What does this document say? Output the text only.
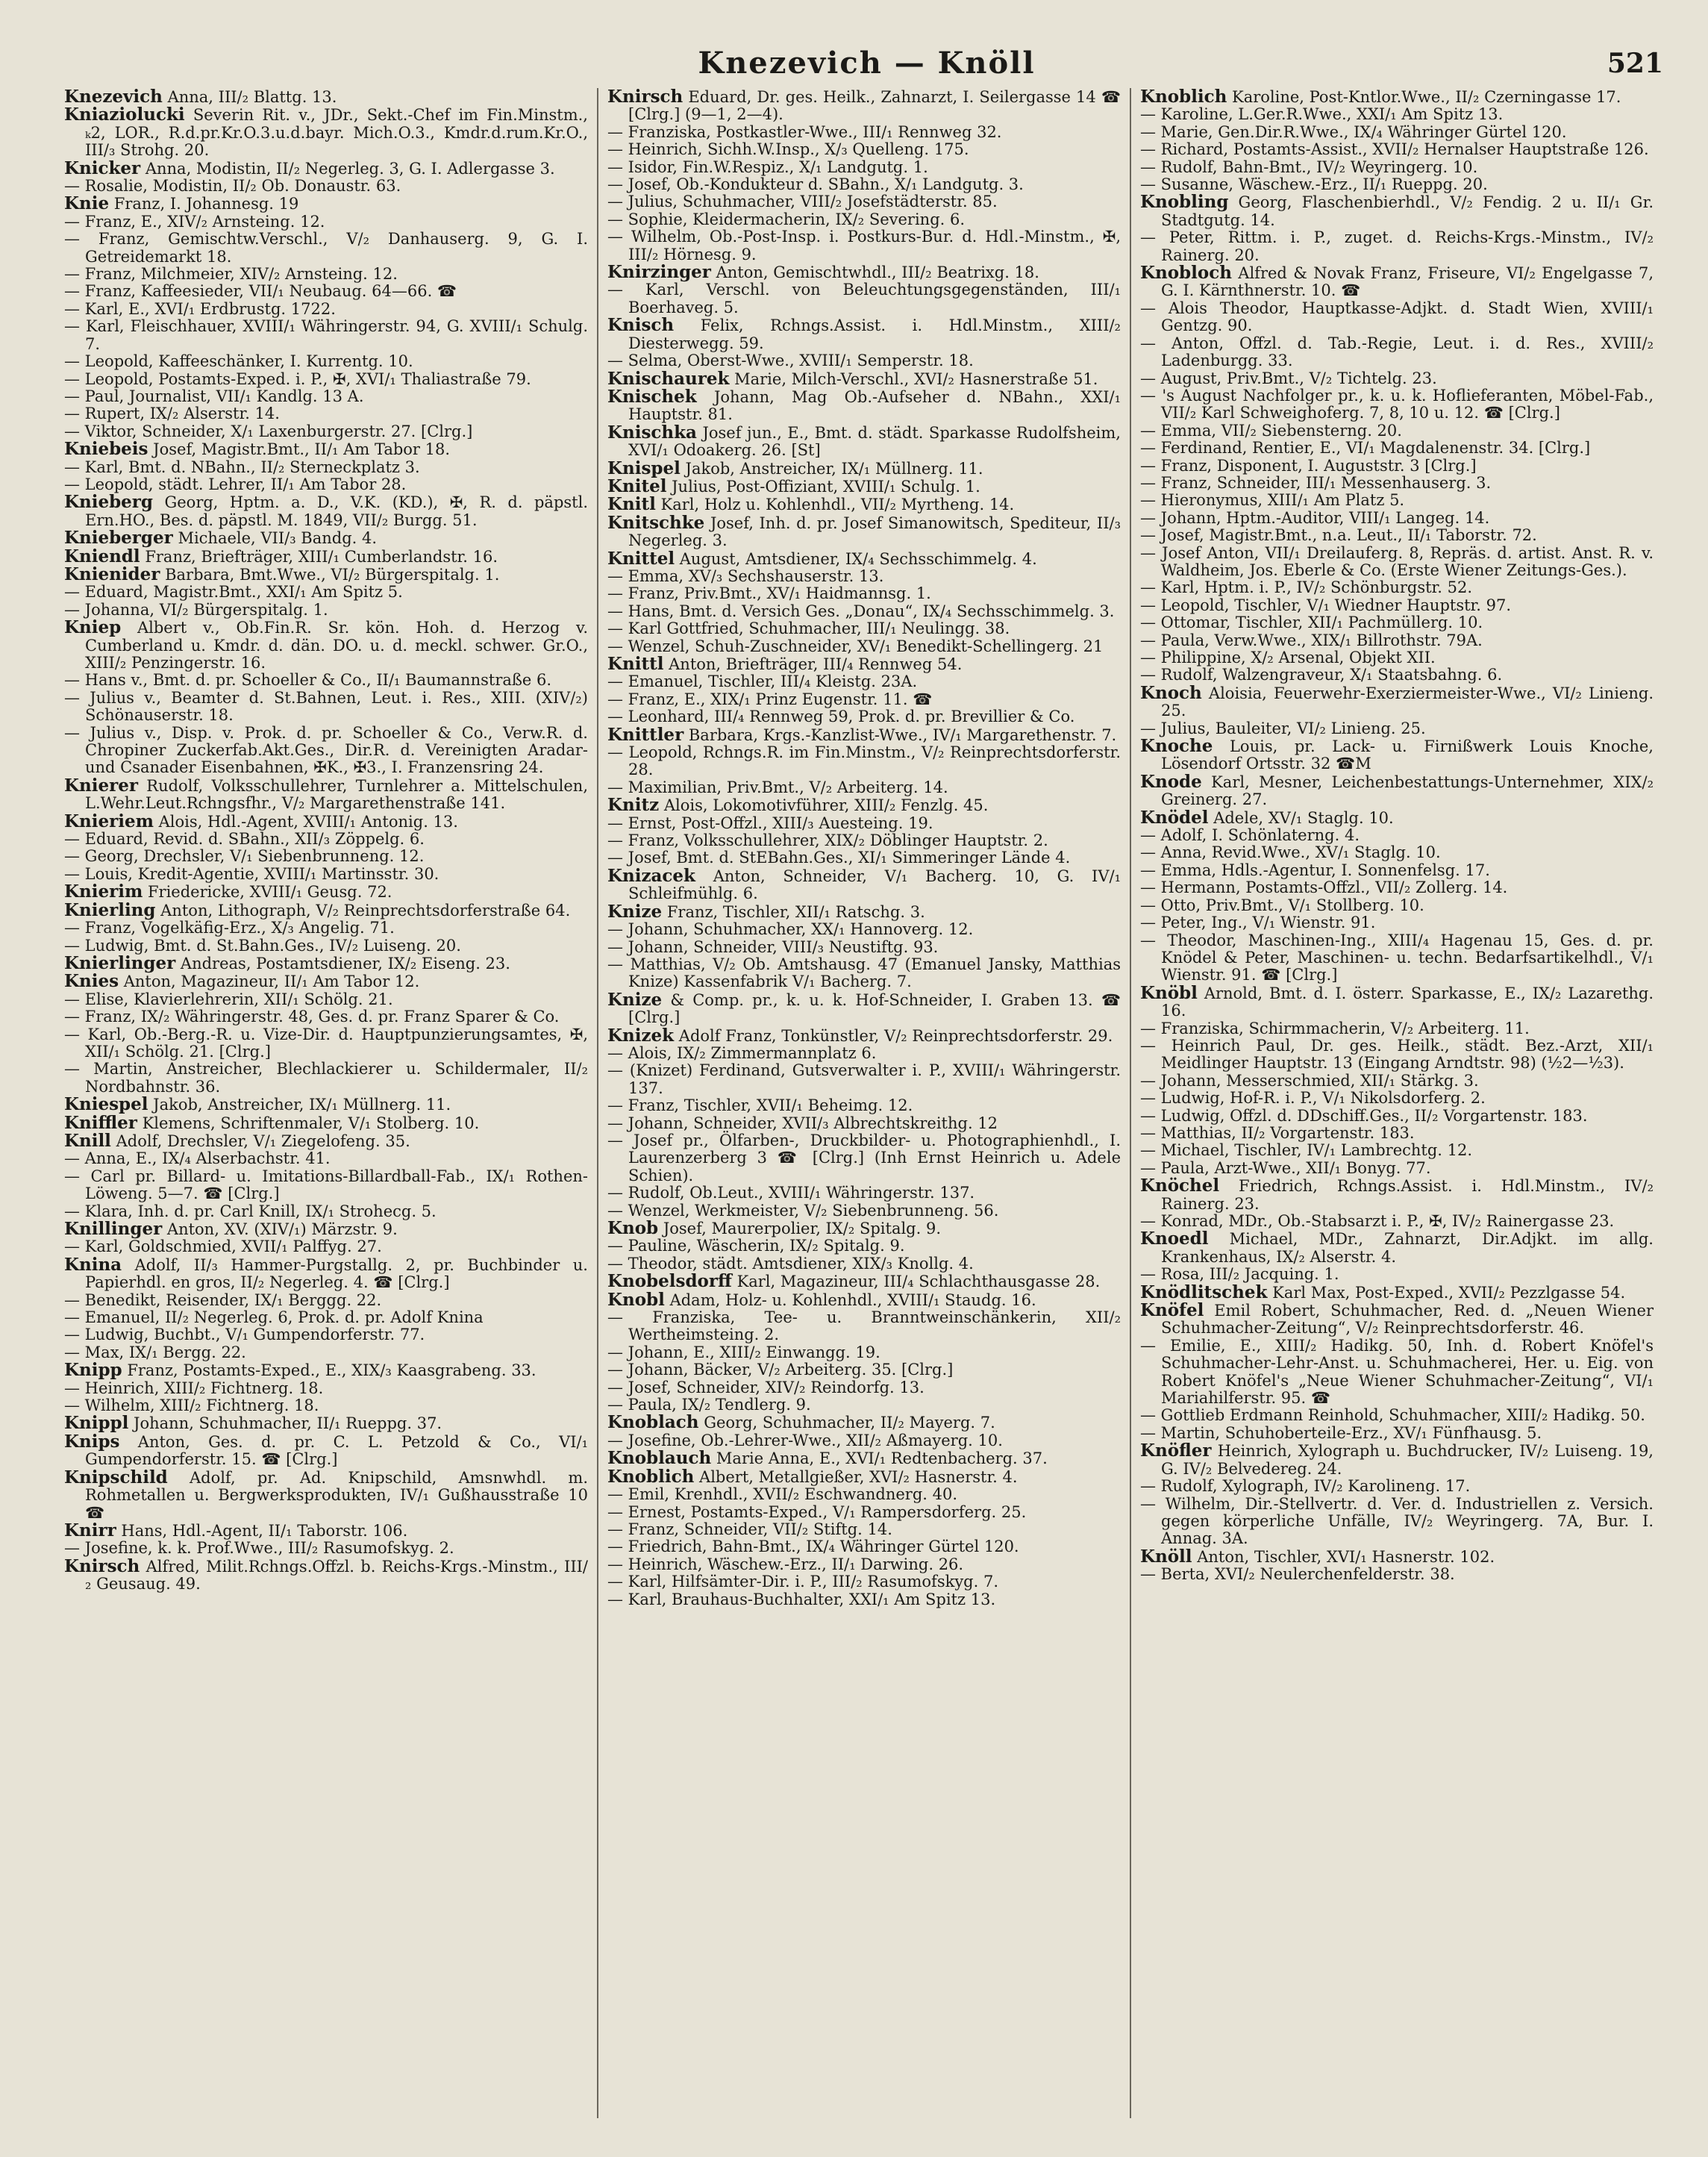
Knezevich — Knöll	521

Knezevich Anna, III/₂ Blattg. 13.

Kniaziolucki Severin Rit. v., JDr., Sekt.-Chef im Fin.Minstm., ₖ2, LOR., R.d.pr.Kr.O.3.u.d.bayr. Mich.O.3., Kmdr.d.rum.Kr.O., III/₃ Strohg. 20.

Knicker Anna, Modistin, II/₂ Negerleg. 3, G. I. Adlergasse 3.

— Rosalie, Modistin, II/₂ Ob. Donaustr. 63.

Knie Franz, I. Johannesg. 19

— Franz, E., XIV/₂ Arnsteing. 12.

— Franz, Gemischtw.Verschl., V/₂ Danhauserg. 9, G. I. Getreidemarkt 18.

— Franz, Milchmeier, XIV/₂ Arnsteing. 12.

— Franz, Kaffeesieder, VII/₁ Neubaug. 64—66. ☎

— Karl, E., XVI/₁ Erdbrustg. 1722.

— Karl, Fleischhauer, XVIII/₁ Währingerstr. 94, G. XVIII/₁ Schulg. 7.

— Leopold, Kaffeeschänker, I. Kurrentg. 10.

— Leopold, Postamts-Exped. i. P., ✠, XVI/₁ Thaliastraße 79.

— Paul, Journalist, VII/₁ Kandlg. 13 A.

— Rupert, IX/₂ Alserstr. 14.

— Viktor, Schneider, X/₁ Laxenburgerstr. 27. [Clrg.]

Kniebeis Josef, Magistr.Bmt., II/₁ Am Tabor 18.

— Karl, Bmt. d. NBahn., II/₂ Sterneckplatz 3.

— Leopold, städt. Lehrer, II/₁ Am Tabor 28.

Knieberg Georg, Hptm. a. D., V.K. (KD.), ✠, R. d. päpstl. Ern.HO., Bes. d. päpstl. M. 1849, VII/₂ Burgg. 51.

Knieberger Michaele, VII/₃ Bandg. 4.

Kniendl Franz, Briefträger, XIII/₁ Cumberlandstr. 16.

Knienider Barbara, Bmt.Wwe., VI/₂ Bürgerspitalg. 1.

— Eduard, Magistr.Bmt., XXI/₁ Am Spitz 5.

— Johanna, VI/₂ Bürgerspitalg. 1.

Kniep Albert v., Ob.Fin.R. Sr. kön. Hoh. d. Herzog v. Cumberland u. Kmdr. d. dän. DO. u. d. meckl. schwer. Gr.O., XIII/₂ Penzingerstr. 16.

— Hans v., Bmt. d. pr. Schoeller & Co., II/₁ Baumannstraße 6.

— Julius v., Beamter d. St.Bahnen, Leut. i. Res., XIII. (XIV/₂) Schönauserstr. 18.

— Julius v., Disp. v. Prok. d. pr. Schoeller & Co., Verw.R. d. Chropiner Zuckerfab.Akt.Ges., Dir.R. d. Vereinigten Aradar- und Csanader Eisenbahnen, ✠K., ✠3., I. Franzensring 24.

Knierer Rudolf, Volksschullehrer, Turnlehrer a. Mittelschulen, L.Wehr.Leut.Rchngsfhr., V/₂ Margarethenstraße 141.

Knieriem Alois, Hdl.-Agent, XVIII/₁ Antonig. 13.

— Eduard, Revid. d. SBahn., XII/₃ Zöppelg. 6.

— Georg, Drechsler, V/₁ Siebenbrunneng. 12.

— Louis, Kredit-Agentie, XVIII/₁ Martinsstr. 30.

Knierim Friedericke, XVIII/₁ Geusg. 72.

Knierling Anton, Lithograph, V/₂ Reinprechtsdorferstraße 64.

— Franz, Vogelkäfig-Erz., X/₃ Angelig. 71.

— Ludwig, Bmt. d. St.Bahn.Ges., IV/₂ Luiseng. 20.

Knierlinger Andreas, Postamtsdiener, IX/₂ Eiseng. 23.

Knies Anton, Magazineur, II/₁ Am Tabor 12.

— Elise, Klavierlehrerin, XII/₁ Schölg. 21.

— Franz, IX/₂ Währingerstr. 48, Ges. d. pr. Franz Sparer & Co.

— Karl, Ob.-Berg.-R. u. Vize-Dir. d. Hauptpunzierungsamtes, ✠, XII/₁ Schölg. 21. [Clrg.]

— Martin, Anstreicher, Blechlackierer u. Schildermaler, II/₂ Nordbahnstr. 36.

Kniespel Jakob, Anstreicher, IX/₁ Müllnerg. 11.

Kniffler Klemens, Schriftenmaler, V/₁ Stolberg. 10.

Knill Adolf, Drechsler, V/₁ Ziegelofeng. 35.

— Anna, E., IX/₄ Alserbachstr. 41.

— Carl pr. Billard- u. Imitations-Billardball-Fab., IX/₁ Rothen-Löweng. 5—7. ☎ [Clrg.]

— Klara, Inh. d. pr. Carl Knill, IX/₁ Strohecg. 5.

Knillinger Anton, XV. (XIV/₁) Märzstr. 9.

— Karl, Goldschmied, XVII/₁ Palffyg. 27.

Knina Adolf, II/₃ Hammer-Purgstallg. 2, pr. Buchbinder u. Papierhdl. en gros, II/₂ Negerleg. 4. ☎ [Clrg.]

— Benedikt, Reisender, IX/₁ Berggg. 22.

— Emanuel, II/₂ Negerleg. 6, Prok. d. pr. Adolf Knina

— Ludwig, Buchbt., V/₁ Gumpendorferstr. 77.

— Max, IX/₁ Bergg. 22.

Knipp Franz, Postamts-Exped., E., XIX/₃ Kaasgrabeng. 33.

— Heinrich, XIII/₂ Fichtnerg. 18.

— Wilhelm, XIII/₂ Fichtnerg. 18.

Knippl Johann, Schuhmacher, II/₁ Rueppg. 37.

Knips Anton, Ges. d. pr. C. L. Petzold & Co., VI/₁ Gumpendorferstr. 15. ☎ [Clrg.]

Knipschild Adolf, pr. Ad. Knipschild, Amsnwhdl. m. Rohmetallen u. Bergwerksprodukten, IV/₁ Gußhausstraße 10 ☎

Knirr Hans, Hdl.-Agent, II/₁ Taborstr. 106.

— Josefine, k. k. Prof.Wwe., III/₂ Rasumofskyg. 2.

Knirsch Alfred, Milit.Rchngs.Offzl. b. Reichs-Krgs.-Minstm., III/₂ Geusaug. 49.

Knirsch Eduard, Dr. ges. Heilk., Zahnarzt, I. Seilergasse 14 ☎ [Clrg.] (9—1, 2—4).

— Franziska, Postkastler-Wwe., III/₁ Rennweg 32.

— Heinrich, Sichh.W.Insp., X/₃ Quelleng. 175.

— Isidor, Fin.W.Respiz., X/₁ Landgutg. 1.

— Josef, Ob.-Kondukteur d. SBahn., X/₁ Landgutg. 3.

— Julius, Schuhmacher, VIII/₂ Josefstädterstr. 85.

— Sophie, Kleidermacherin, IX/₂ Severing. 6.

— Wilhelm, Ob.-Post-Insp. i. Postkurs-Bur. d. Hdl.-Minstm., ✠, III/₂ Hörnesg. 9.

Knirzinger Anton, Gemischtwhdl., III/₂ Beatrixg. 18.

— Karl, Verschl. von Beleuchtungsgegenständen, III/₁ Boerhaveg. 5.

Knisch Felix, Rchngs.Assist. i. Hdl.Minstm., XIII/₂ Diesterwegg. 59.

— Selma, Oberst-Wwe., XVIII/₁ Semperstr. 18.

Knischaurek Marie, Milch-Verschl., XVI/₂ Hasnerstraße 51.

Knischek Johann, Mag Ob.-Aufseher d. NBahn., XXI/₁ Hauptstr. 81.

Knischka Josef jun., E., Bmt. d. städt. Sparkasse Rudolfsheim, XVI/₁ Odoakerg. 26. [St]

Knispel Jakob, Anstreicher, IX/₁ Müllnerg. 11.

Knitel Julius, Post-Offiziant, XVIII/₁ Schulg. 1.

Knitl Karl, Holz u. Kohlenhdl., VII/₂ Myrtheng. 14.

Knitschke Josef, Inh. d. pr. Josef Simanowitsch, Spediteur, II/₃ Negerleg. 3.

Knittel August, Amtsdiener, IX/₄ Sechsschimmelg. 4.

— Emma, XV/₃ Sechshauserstr. 13.

— Franz, Priv.Bmt., XV/₁ Haidmannsg. 1.

— Hans, Bmt. d. Versich Ges. „Donau“, IX/₄ Sechsschimmelg. 3.

— Karl Gottfried, Schuhmacher, III/₁ Neulingg. 38.

— Wenzel, Schuh-Zuschneider, XV/₁ Benedikt-Schellingerg. 21

Knittl Anton, Briefträger, III/₄ Rennweg 54.

— Emanuel, Tischler, III/₄ Kleistg. 23A.

— Franz, E., XIX/₁ Prinz Eugenstr. 11. ☎

— Leonhard, III/₄ Rennweg 59, Prok. d. pr. Brevillier & Co.

Knittler Barbara, Krgs.-Kanzlist-Wwe., IV/₁ Margarethenstr. 7.

— Leopold, Rchngs.R. im Fin.Minstm., V/₂ Reinprechtsdorferstr. 28.

— Maximilian, Priv.Bmt., V/₂ Arbeiterg. 14.

Knitz Alois, Lokomotivführer, XIII/₂ Fenzlg. 45.

— Ernst, Post-Offzl., XIII/₃ Auesteing. 19.

— Franz, Volksschullehrer, XIX/₂ Döblinger Hauptstr. 2.

— Josef, Bmt. d. StEBahn.Ges., XI/₁ Simmeringer Lände 4.

Knizacek Anton, Schneider, V/₁ Bacherg. 10, G. IV/₁ Schleifmühlg. 6.

Knize Franz, Tischler, XII/₁ Ratschg. 3.

— Johann, Schuhmacher, XX/₁ Hannoverg. 12.

— Johann, Schneider, VIII/₃ Neustiftg. 93.

— Matthias, V/₂ Ob. Amtshausg. 47 (Emanuel Jansky, Matthias Knize) Kassenfabrik V/₁ Bacherg. 7.

Knize & Comp. pr., k. u. k. Hof-Schneider, I. Graben 13. ☎ [Clrg.]

Knizek Adolf Franz, Tonkünstler, V/₂ Reinprechtsdorferstr. 29.

— Alois, IX/₂ Zimmermannplatz 6.

— (Knizet) Ferdinand, Gutsverwalter i. P., XVIII/₁ Währingerstr. 137.

— Franz, Tischler, XVII/₁ Beheimg. 12.

— Johann, Schneider, XVII/₃ Albrechtskreithg. 12

— Josef pr., Ölfarben-, Druckbilder- u. Photographienhdl., I. Laurenzerberg 3 ☎ [Clrg.] (Inh Ernst Heinrich u. Adele Schien).

— Rudolf, Ob.Leut., XVIII/₁ Währingerstr. 137.

— Wenzel, Werkmeister, V/₂ Siebenbrunneng. 56.

Knob Josef, Maurerpolier, IX/₂ Spitalg. 9.

— Pauline, Wäscherin, IX/₂ Spitalg. 9.

— Theodor, städt. Amtsdiener, XIX/₃ Knollg. 4.

Knobelsdorff Karl, Magazineur, III/₄ Schlachthausgasse 28.

Knobl Adam, Holz- u. Kohlenhdl., XVIII/₁ Staudg. 16.

— Franziska, Tee- u. Branntweinschänkerin, XII/₂ Wertheimsteing. 2.

— Johann, E., XIII/₂ Einwangg. 19.

— Johann, Bäcker, V/₂ Arbeiterg. 35. [Clrg.]

— Josef, Schneider, XIV/₂ Reindorfg. 13.

— Paula, IX/₂ Tendlerg. 9.

Knoblach Georg, Schuhmacher, II/₂ Mayerg. 7.

— Josefine, Ob.-Lehrer-Wwe., XII/₂ Aßmayerg. 10.

Knoblauch Marie Anna, E., XVI/₁ Redtenbacherg. 37.

Knoblich Albert, Metallgießer, XVI/₂ Hasnerstr. 4.

— Emil, Krenhdl., XVII/₂ Eschwandnerg. 40.

— Ernest, Postamts-Exped., V/₁ Rampersdorferg. 25.

— Franz, Schneider, VII/₂ Stiftg. 14.

— Friedrich, Bahn-Bmt., IX/₄ Währinger Gürtel 120.

— Heinrich, Wäschew.-Erz., II/₁ Darwing. 26.

— Karl, Hilfsämter-Dir. i. P., III/₂ Rasumofskyg. 7.

— Karl, Brauhaus-Buchhalter, XXI/₁ Am Spitz 13.

Knoblich Karoline, Post-Kntlor.Wwe., II/₂ Czerningasse 17.

— Karoline, L.Ger.R.Wwe., XXI/₁ Am Spitz 13.

— Marie, Gen.Dir.R.Wwe., IX/₄ Währinger Gürtel 120.

— Richard, Postamts-Assist., XVII/₂ Hernalser Hauptstraße 126.

— Rudolf, Bahn-Bmt., IV/₂ Weyringerg. 10.

— Susanne, Wäschew.-Erz., II/₁ Rueppg. 20.

Knobling Georg, Flaschenbierhdl., V/₂ Fendig. 2 u. II/₁ Gr. Stadtgutg. 14.

— Peter, Rittm. i. P., zuget. d. Reichs-Krgs.-Minstm., IV/₂ Rainerg. 20.

Knobloch Alfred & Novak Franz, Friseure, VI/₂ Engelgasse 7, G. I. Kärnthnerstr. 10. ☎

— Alois Theodor, Hauptkasse-Adjkt. d. Stadt Wien, XVIII/₁ Gentzg. 90.

— Anton, Offzl. d. Tab.-Regie, Leut. i. d. Res., XVIII/₂ Ladenburgg. 33.

— August, Priv.Bmt., V/₂ Tichtelg. 23.

— 's August Nachfolger pr., k. u. k. Hoflieferanten, Möbel-Fab., VII/₂ Karl Schweighoferg. 7, 8, 10 u. 12. ☎ [Clrg.]

— Emma, VII/₂ Siebensterng. 20.

— Ferdinand, Rentier, E., VI/₁ Magdalenenstr. 34. [Clrg.]

— Franz, Disponent, I. Auguststr. 3 [Clrg.]

— Franz, Schneider, III/₁ Messenhauserg. 3.

— Hieronymus, XIII/₁ Am Platz 5.

— Johann, Hptm.-Auditor, VIII/₁ Langeg. 14.

— Josef, Magistr.Bmt., n.a. Leut., II/₁ Taborstr. 72.

— Josef Anton, VII/₁ Dreilauferg. 8, Repräs. d. artist. Anst. R. v. Waldheim, Jos. Eberle & Co. (Erste Wiener Zeitungs-Ges.).

— Karl, Hptm. i. P., IV/₂ Schönburgstr. 52.

— Leopold, Tischler, V/₁ Wiedner Hauptstr. 97.

— Ottomar, Tischler, XII/₁ Pachmüllerg. 10.

— Paula, Verw.Wwe., XIX/₁ Billrothstr. 79A.

— Philippine, X/₂ Arsenal, Objekt XII.

— Rudolf, Walzengraveur, X/₁ Staatsbahng. 6.

Knoch Aloisia, Feuerwehr-Exerziermeister-Wwe., VI/₂ Linieng. 25.

— Julius, Bauleiter, VI/₂ Linieng. 25.

Knoche Louis, pr. Lack- u. Firnißwerk Louis Knoche, Lösendorf Ortsstr. 32 ☎M

Knode Karl, Mesner, Leichenbestattungs-Unternehmer, XIX/₂ Greinerg. 27.

Knödel Adele, XV/₁ Staglg. 10.

— Adolf, I. Schönlaterng. 4.

— Anna, Revid.Wwe., XV/₁ Staglg. 10.

— Emma, Hdls.-Agentur, I. Sonnenfelsg. 17.

— Hermann, Postamts-Offzl., VII/₂ Zollerg. 14.

— Otto, Priv.Bmt., V/₁ Stollberg. 10.

— Peter, Ing., V/₁ Wienstr. 91.

— Theodor, Maschinen-Ing., XIII/₄ Hagenau 15, Ges. d. pr. Knödel & Peter, Maschinen- u. techn. Bedarfsartikelhdl., V/₁ Wienstr. 91. ☎ [Clrg.]

Knöbl Arnold, Bmt. d. I. österr. Sparkasse, E., IX/₂ Lazarethg. 16.

— Franziska, Schirmmacherin, V/₂ Arbeiterg. 11.

— Heinrich Paul, Dr. ges. Heilk., städt. Bez.-Arzt, XII/₁ Meidlinger Hauptstr. 13 (Eingang Arndtstr. 98) (½2—½3).

— Johann, Messerschmied, XII/₁ Stärkg. 3.

— Ludwig, Hof-R. i. P., V/₁ Nikolsdorferg. 2.

— Ludwig, Offzl. d. DDschiff.Ges., II/₂ Vorgartenstr. 183.

— Matthias, II/₂ Vorgartenstr. 183.

— Michael, Tischler, IV/₁ Lambrechtg. 12.

— Paula, Arzt-Wwe., XII/₁ Bonyg. 77.

Knöchel Friedrich, Rchngs.Assist. i. Hdl.Minstm., IV/₂ Rainerg. 23.

— Konrad, MDr., Ob.-Stabsarzt i. P., ✠, IV/₂ Rainergasse 23.

Knoedl Michael, MDr., Zahnarzt, Dir.Adjkt. im allg. Krankenhaus, IX/₂ Alserstr. 4.

— Rosa, III/₂ Jacquing. 1.

Knödlitschek Karl Max, Post-Exped., XVII/₂ Pezzlgasse 54.

Knöfel Emil Robert, Schuhmacher, Red. d. „Neuen Wiener Schuhmacher-Zeitung“, V/₂ Reinprechtsdorferstr. 46.

— Emilie, E., XIII/₂ Hadikg. 50, Inh. d. Robert Knöfel's Schuhmacher-Lehr-Anst. u. Schuhmacherei, Her. u. Eig. von Robert Knöfel's „Neue Wiener Schuhmacher-Zeitung“, VI/₁ Mariahilferstr. 95. ☎

— Gottlieb Erdmann Reinhold, Schuhmacher, XIII/₂ Hadikg. 50.

— Martin, Schuhoberteile-Erz., XV/₁ Fünfhausg. 5.

Knöfler Heinrich, Xylograph u. Buchdrucker, IV/₂ Luiseng. 19, G. IV/₂ Belvedereg. 24.

— Rudolf, Xylograph, IV/₂ Karolineng. 17.

— Wilhelm, Dir.-Stellvertr. d. Ver. d. Industriellen z. Versich. gegen körperliche Unfälle, IV/₂ Weyringerg. 7A, Bur. I. Annag. 3A.

Knöll Anton, Tischler, XVI/₁ Hasnerstr. 102.

— Berta, XVI/₂ Neulerchenfelderstr. 38.
